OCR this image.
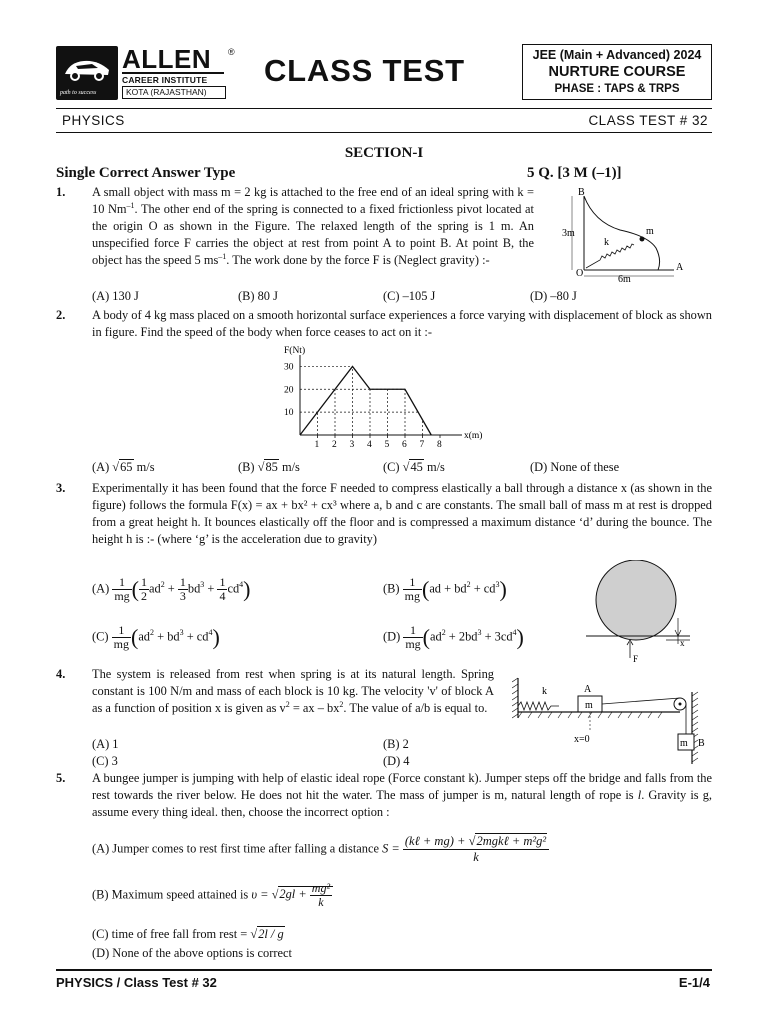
path to success
ALLEN	®
CAREER INSTITUTE
KOTA (RAJASTHAN)
CLASS TEST	JEE (Main + Advanced) 2024
NURTURE COURSE
PHASE : TAPS & TRPS
PHYSICS	CLASS TEST # 32
SECTION-I
Single Correct Answer Type	5 Q. [3 M (–1)]
1. A small object with mass m = 2 kg is attached to the free end of an ideal spring with k = 10 $Nm^{-1}$. The other end of the spring is connected to a fixed frictionless pivot located at the origin O as shown in the Figure. The relaxed length of the spring is 1 m. An unspecified force F carries the object at rest from point A to point B. At point B, the object has the speed 5 $ms^{-1}$. The work done by the force F is (Neglect gravity) :-
B
O
A
m
k
3m
6m
(A) 130 J	(B) 80 J	(C) –105 J	(D) –80 J
2. A body of 4 kg mass placed on a smooth horizontal surface experiences a force varying with displacement of block as shown in figure. Find the speed of the body when force ceases to act on it :-
F(Nt)
x(m)
10
20
30
1 2 3 4 5 6 7 8
(A) √65 m/s	(B) √85 m/s	(C) √45 m/s	(D) None of these
3. Experimentally it has been found that the force F needed to compress elastically a ball through a distance x (as shown in the figure) follows the formula F(x) = ax + bx² + cx³ where a, b and c are constants. The small ball of mass m at rest is dropped from a great height h. It bounces elastically off the floor and is compressed a maximum distance ‘d’ during the bounce. The height h is :- (where ‘g’ is the acceleration due to gravity)
$(A) \frac{1}{mg}$ ( $\frac{1}{2} ad^2 + \frac{1}{3} bd^3 + \frac{1}{4} cd^4$)	$(B) \frac{1}{mg} (ad + bd^2 + cd^3)$
$(C) \frac{1}{mg} (ad^2 + bd^3 + cd^4)$	$(D) \frac{1}{mg} (ad^2 + 2bd^3 + 3cd^4)$	x
F
4. The system is released from rest when spring is at its natural length. Spring constant is 100 N/m and mass of each block is 10 kg. The velocity 'v' of block A as a function of position x is given as $v^2$ = ax – $bx^2$. The value of a/b is equal to.
k
m
A
x=0	m B
(A) 1	(B) 2
(C) 3	(D) 4
5. A bungee jumper is jumping with help of elastic ideal rope (Force constant k). Jumper steps off the bridge and falls from the rest towards the river below. He does not hit the water. The mass of jumper is m, natural length of rope is l. Gravity is g, assume every thing ideal. then, choose the incorrect option :
(A) Jumper comes to rest first time after falling a distance $S = \frac{\text{(kℓ + mg) + √2mgkℓ + m²g²}}{k}$
(B) Maximum speed attained is $\upsilon = √2gl + \frac{\text{mg²}}{k}$
(C) time of free fall from rest = √2l / g
(D) None of the above options is correct
PHYSICS / Class Test # 32	E-1/4
